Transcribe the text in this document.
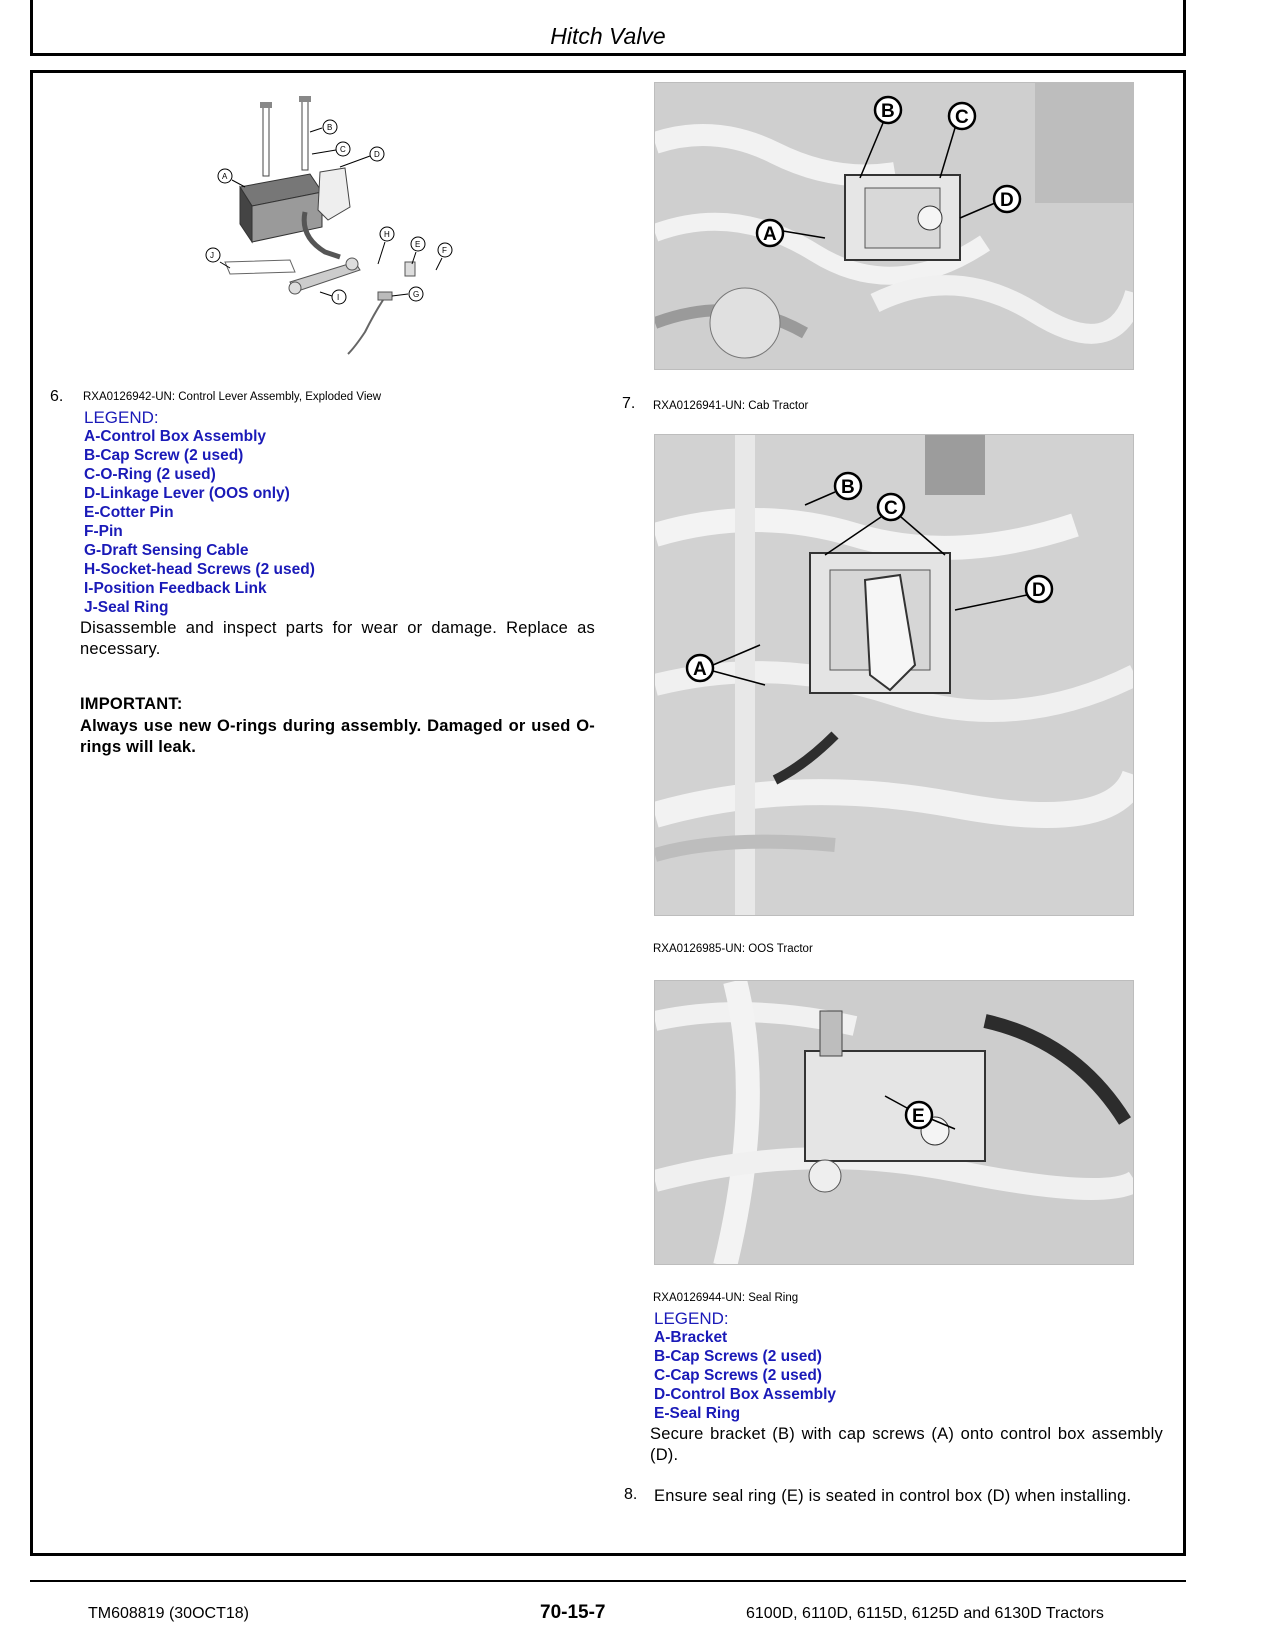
Hitch Valve
B
C
D
A
H
E
F
J
G
I
6. RXA0126942-UN: Control Lever Assembly, Exploded View
LEGEND:
A-Control Box Assembly
B-Cap Screw (2 used)
C-O-Ring (2 used)
D-Linkage Lever (OOS only)
E-Cotter Pin
F-Pin
G-Draft Sensing Cable
H-Socket-head Screws (2 used)
I-Position Feedback Link
J-Seal Ring
Disassemble and inspect parts for wear or damage. Replace as necessary.
IMPORTANT:
Always use new O-rings during assembly. Damaged or used O-rings will leak.
A
B	C
D
7. RXA0126941-UN: Cab Tractor
A
B
C
D
RXA0126985-UN: OOS Tractor
E
RXA0126944-UN: Seal Ring
LEGEND:
A-Bracket
B-Cap Screws (2 used)
C-Cap Screws (2 used)
D-Control Box Assembly
E-Seal Ring
Secure bracket (B) with cap screws (A) onto control box assembly (D).
8. Ensure seal ring (E) is seated in control box (D) when installing.
TM608819 (30OCT18)	70-15-7	6100D, 6110D, 6115D, 6125D and 6130D Tractors
